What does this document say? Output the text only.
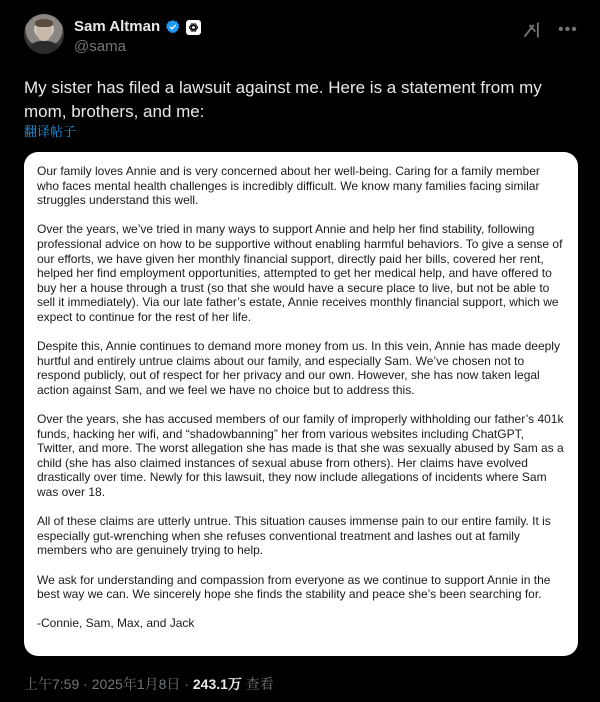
Sam Altman
@sama
•••
My sister has filed a lawsuit against me. Here is a statement from my mom, brothers, and me:
翻译帖子

Our family loves Annie and is very concerned about her well-being. Caring for a family member who faces mental health challenges is incredibly difficult. We know many families facing similar struggles understand this well.

Over the years, we’ve tried in many ways to support Annie and help her find stability, following professional advice on how to be supportive without enabling harmful behaviors. To give a sense of our efforts, we have given her monthly financial support, directly paid her bills, covered her rent, helped her find employment opportunities, attempted to get her medical help, and have offered to buy her a house through a trust (so that she would have a secure place to live, but not be able to sell it immediately). Via our late father’s estate, Annie receives monthly financial support, which we expect to continue for the rest of her life.

Despite this, Annie continues to demand more money from us. In this vein, Annie has made deeply hurtful and entirely untrue claims about our family, and especially Sam. We’ve chosen not to respond publicly, out of respect for her privacy and our own. However, she has now taken legal action against Sam, and we feel we have no choice but to address this.

Over the years, she has accused members of our family of improperly withholding our father’s 401k funds, hacking her wifi, and “shadowbanning” her from various websites including ChatGPT, Twitter, and more. The worst allegation she has made is that she was sexually abused by Sam as a child (she has also claimed instances of sexual abuse from others). Her claims have evolved drastically over time. Newly for this lawsuit, they now include allegations of incidents where Sam was over 18.

All of these claims are utterly untrue. This situation causes immense pain to our entire family. It is especially gut-wrenching when she refuses conventional treatment and lashes out at family members who are genuinely trying to help.

We ask for understanding and compassion from everyone as we continue to support Annie in the best way we can. We sincerely hope she finds the stability and peace she’s been searching for.

-Connie, Sam, Max, and Jack

上午7:59 · 2025年1月8日 · 243.1万 查看
